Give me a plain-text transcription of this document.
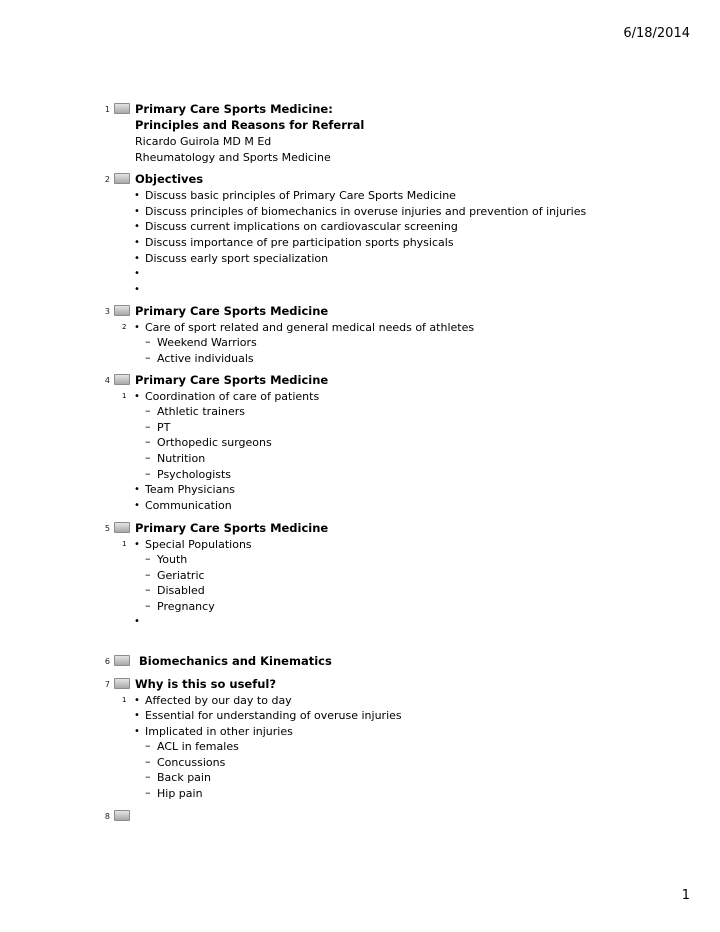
6/18/2014
1 Primary Care Sports Medicine:
Principles and Reasons for Referral
Ricardo Guirola MD M Ed
Rheumatology and Sports Medicine
2 Objectives
• Discuss basic principles of Primary Care Sports Medicine
• Discuss principles of biomechanics in overuse injuries and prevention of injuries
• Discuss current implications on cardiovascular screening
• Discuss importance of pre participation sports physicals
• Discuss early sport specialization
•
•
3 Primary Care Sports Medicine
2 • Care of sport related and general medical needs of athletes
– Weekend Warriors
– Active individuals
4 Primary Care Sports Medicine
1 • Coordination of care of patients
– Athletic trainers
– PT
– Orthopedic surgeons
– Nutrition
– Psychologists
• Team Physicians
• Communication
5 Primary Care Sports Medicine
1 • Special Populations
– Youth
– Geriatric
– Disabled
– Pregnancy
•
6 Biomechanics and Kinematics
7 Why is this so useful?
1 • Affected by our day to day
• Essential for understanding of overuse injuries
• Implicated in other injuries
– ACL in females
– Concussions
– Back pain
– Hip pain
8
1
